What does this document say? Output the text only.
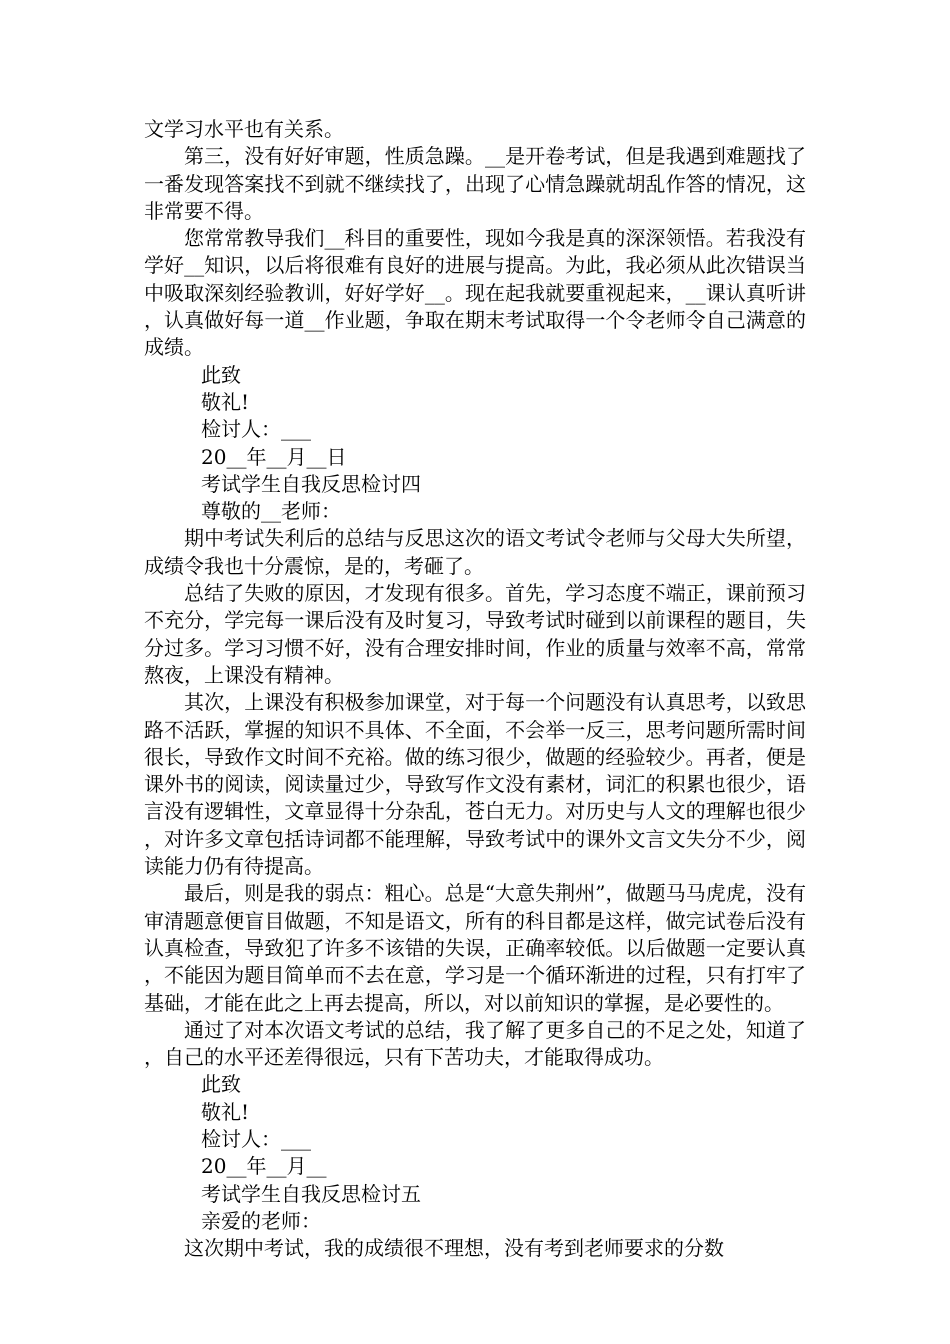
文学习水平也有关系。

第三，没有好好审题，性质急躁。__是开卷考试，但是我遇到难题找了一番发现答案找不到就不继续找了，出现了心情急躁就胡乱作答的情况，这非常要不得。

您常常教导我们__科目的重要性，现如今我是真的深深领悟。若我没有学好__知识，以后将很难有良好的进展与提高。为此，我必须从此次错误当中吸取深刻经验教训，好好学好__。现在起我就要重视起来，__课认真听讲，认真做好每一道__作业题，争取在期末考试取得一个令老师令自己满意的成绩。

此致

敬礼!

检讨人：___

20__年__月__日

考试学生自我反思检讨四

尊敬的__老师：

期中考试失利后的总结与反思这次的语文考试令老师与父母大失所望，成绩令我也十分震惊，是的，考砸了。

总结了失败的原因，才发现有很多。首先，学习态度不端正，课前预习不充分，学完每一课后没有及时复习，导致考试时碰到以前课程的题目，失分过多。学习习惯不好，没有合理安排时间，作业的质量与效率不高，常常熬夜，上课没有精神。

其次，上课没有积极参加课堂，对于每一个问题没有认真思考，以致思路不活跃，掌握的知识不具体、不全面，不会举一反三，思考问题所需时间很长，导致作文时间不充裕。做的练习很少，做题的经验较少。再者，便是课外书的阅读，阅读量过少，导致写作文没有素材，词汇的积累也很少，语言没有逻辑性，文章显得十分杂乱，苍白无力。对历史与人文的理解也很少，对许多文章包括诗词都不能理解，导致考试中的课外文言文失分不少，阅读能力仍有待提高。

最后，则是我的弱点：粗心。总是“大意失荆州”，做题马马虎虎，没有审清题意便盲目做题，不知是语文，所有的科目都是这样，做完试卷后没有认真检查，导致犯了许多不该错的失误，正确率较低。以后做题一定要认真，不能因为题目简单而不去在意，学习是一个循环渐进的过程，只有打牢了基础，才能在此之上再去提高，所以，对以前知识的掌握，是必要性的。

通过了对本次语文考试的总结，我了解了更多自己的不足之处，知道了，自己的水平还差得很远，只有下苦功夫，才能取得成功。

此致

敬礼!

检讨人：___

20__年__月__

考试学生自我反思检讨五

亲爱的老师：

这次期中考试，我的成绩很不理想，没有考到老师要求的分数
